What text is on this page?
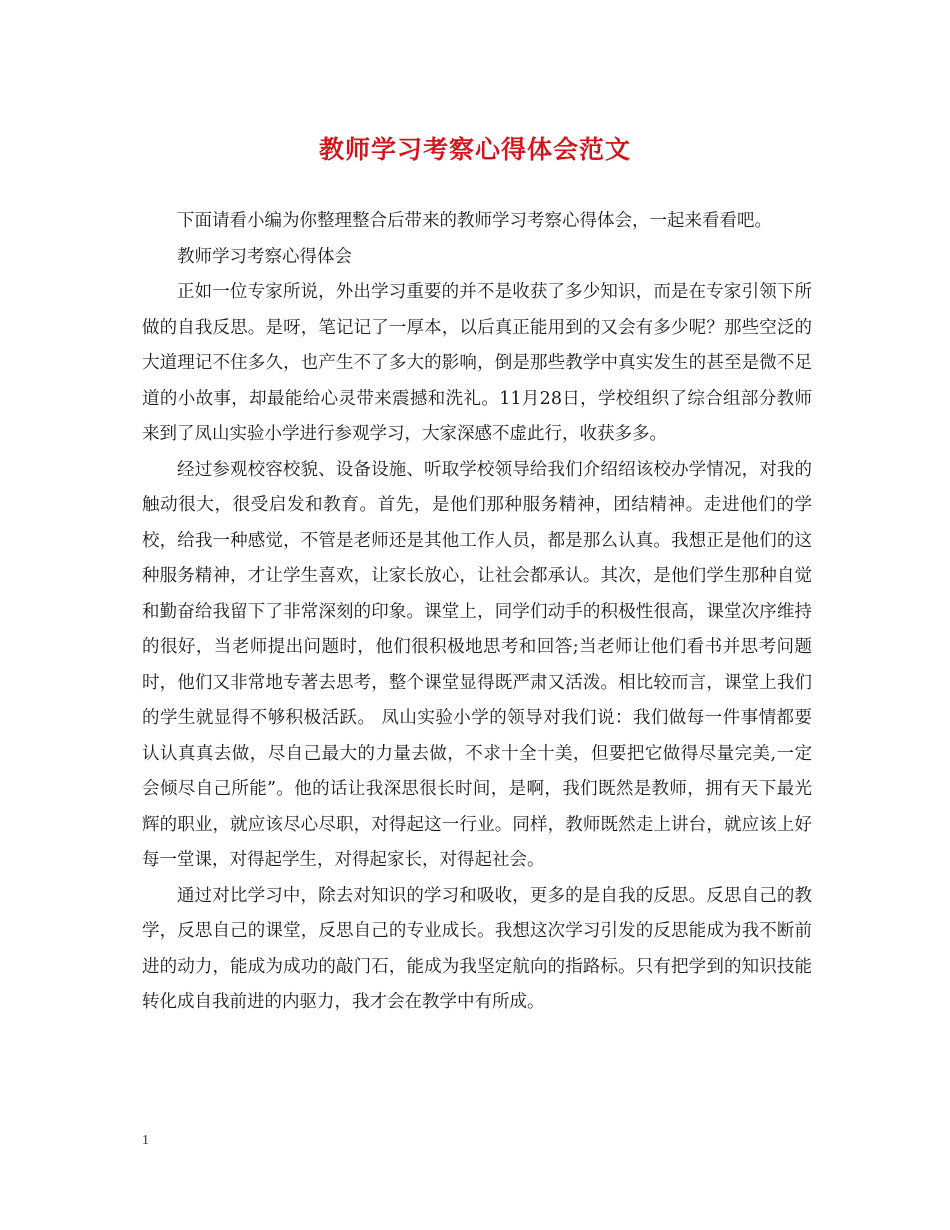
教师学习考察心得体会范文

下面请看小编为你整理整合后带来的教师学习考察心得体会，一起来看看吧。

教师学习考察心得体会

正如一位专家所说，外出学习重要的并不是收获了多少知识，而是在专家引领下所做的自我反思。是呀，笔记记了一厚本，以后真正能用到的又会有多少呢？那些空泛的大道理记不住多久，也产生不了多大的影响，倒是那些教学中真实发生的甚至是微不足道的小故事，却最能给心灵带来震撼和洗礼。11月28日，学校组织了综合组部分教师来到了凤山实验小学进行参观学习，大家深感不虚此行，收获多多。

经过参观校容校貌、设备设施、听取学校领导给我们介绍绍该校办学情况，对我的触动很大，很受启发和教育。首先，是他们那种服务精神，团结精神。走进他们的学校，给我一种感觉，不管是老师还是其他工作人员，都是那么认真。我想正是他们的这种服务精神，才让学生喜欢，让家长放心，让社会都承认。其次，是他们学生那种自觉和勤奋给我留下了非常深刻的印象。课堂上，同学们动手的积极性很高，课堂次序维持的很好，当老师提出问题时，他们很积极地思考和回答;当老师让他们看书并思考问题时，他们又非常地专著去思考，整个课堂显得既严肃又活泼。相比较而言，课堂上我们的学生就显得不够积极活跃。 凤山实验小学的领导对我们说：我们做每一件事情都要认认真真去做，尽自己最大的力量去做，不求十全十美，但要把它做得尽量完美,一定会倾尽自己所能”。他的话让我深思很长时间，是啊，我们既然是教师，拥有天下最光辉的职业，就应该尽心尽职，对得起这一行业。同样，教师既然走上讲台，就应该上好每一堂课，对得起学生，对得起家长，对得起社会。

通过对比学习中，除去对知识的学习和吸收，更多的是自我的反思。反思自己的教学，反思自己的课堂，反思自己的专业成长。我想这次学习引发的反思能成为我不断前进的动力，能成为成功的敲门石，能成为我坚定航向的指路标。只有把学到的知识技能转化成自我前进的内驱力，我才会在教学中有所成。

1
